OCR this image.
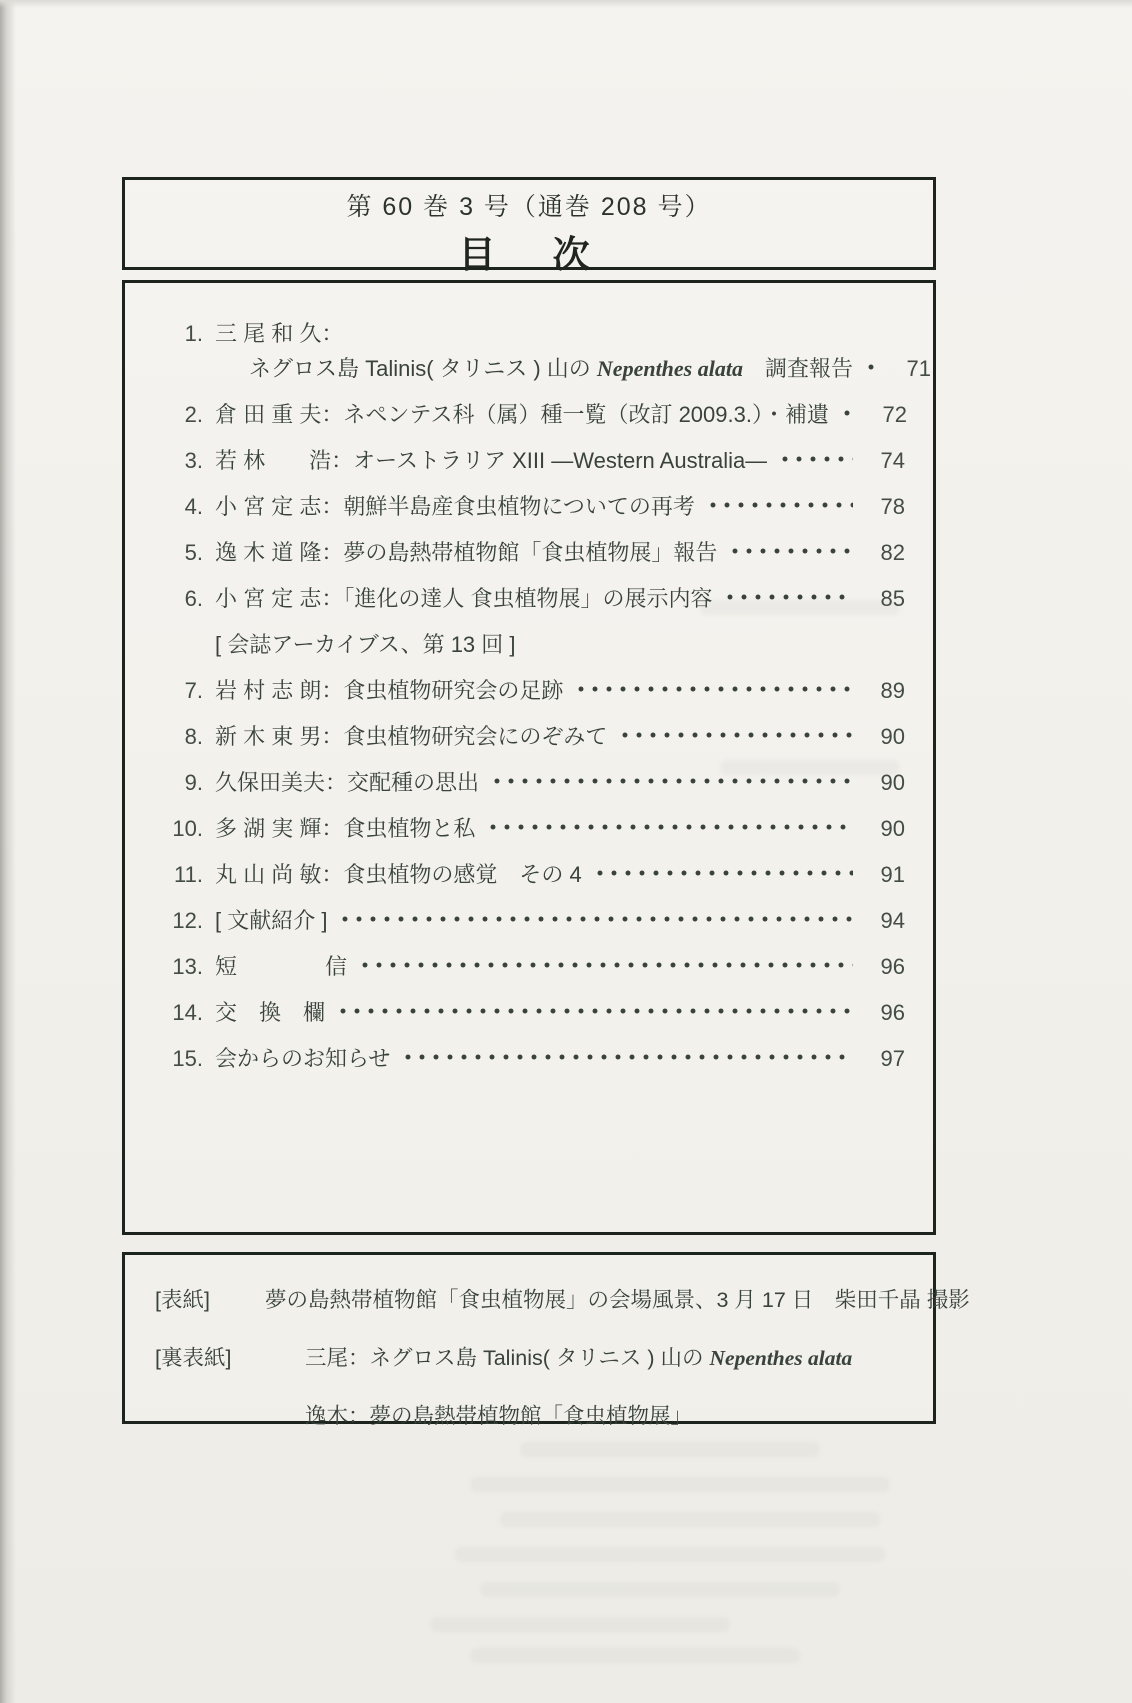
第 60 巻 3 号（通巻 208 号）
目　次
1. 三 尾 和 久：
ネグロス島 Talinis( タリニス ) 山の Nepenthes alata　調査報告	71
2. 倉 田 重 夫：ネペンテス科（属）種一覧（改訂 2009.3.）・補遺	72
3. 若 林　　浩：オーストラリア XIII —Western Australia—	74
4. 小 宮 定 志：朝鮮半島産食虫植物についての再考	78
5. 逸 木 道 隆：夢の島熱帯植物館「食虫植物展」報告	82
6. 小 宮 定 志：「進化の達人 食虫植物展」の展示内容	85
[ 会誌アーカイブス、第 13 回 ]
7. 岩 村 志 朗：食虫植物研究会の足跡	89
8. 新 木 東 男：食虫植物研究会にのぞみて	90
9. 久保田美夫：交配種の思出	90
10. 多 湖 実 輝：食虫植物と私	90
11. 丸 山 尚 敏：食虫植物の感覚　その 4	91
12. [ 文献紹介 ]	94
13. 短　　　　信	96
14. 交　換　欄	96
15. 会からのお知らせ	97
[表紙]	夢の島熱帯植物館「食虫植物展」の会場風景、3 月 17 日　柴田千晶 撮影
[裏表紙]	三尾：ネグロス島 Talinis( タリニス ) 山の Nepenthes alata
逸木：夢の島熱帯植物館「食虫植物展」
